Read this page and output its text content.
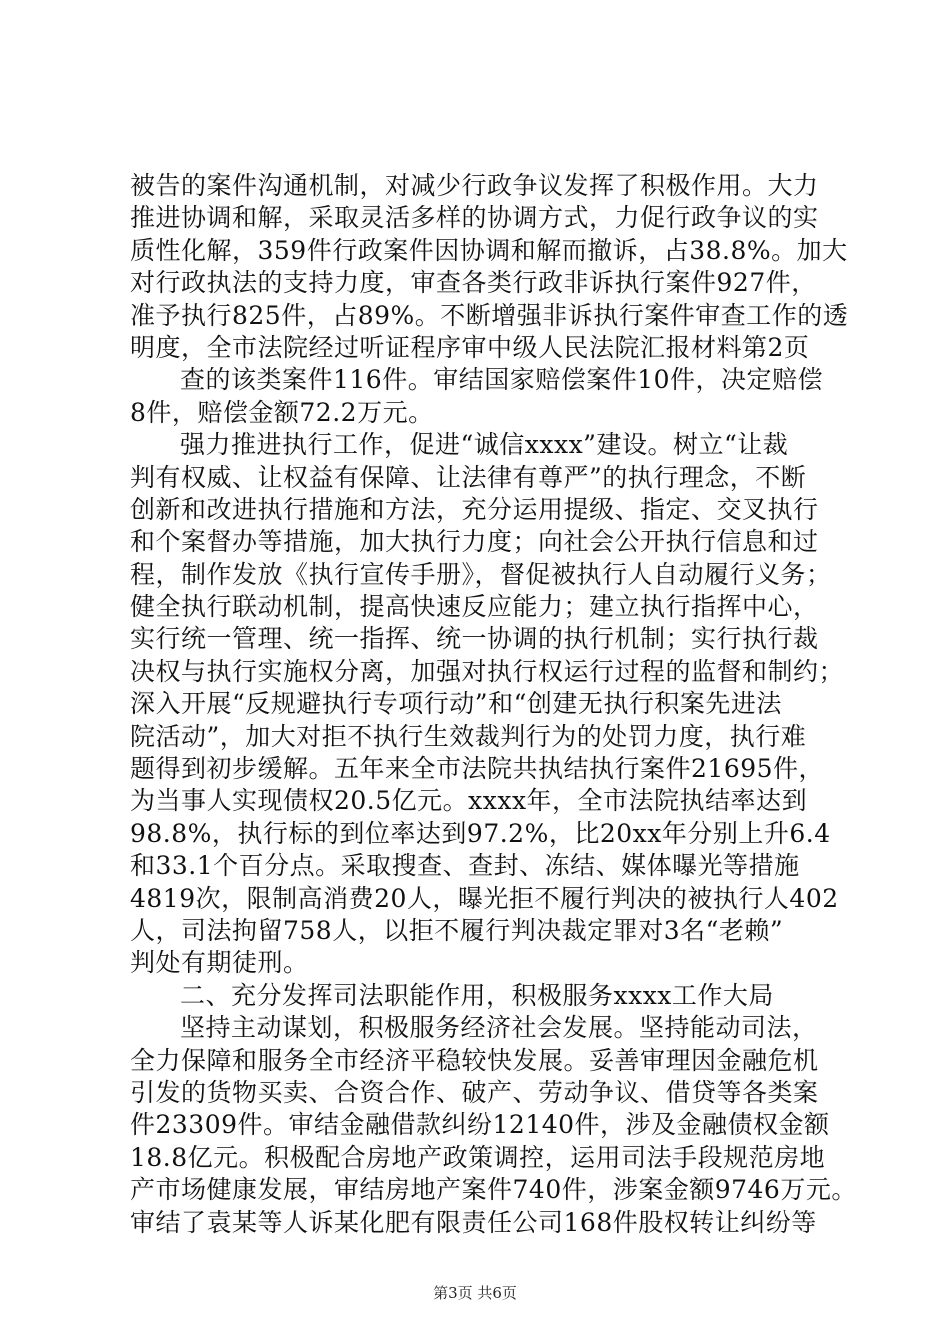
被告的案件沟通机制，对减少行政争议发挥了积极作用。大力
推进协调和解，采取灵活多样的协调方式，力促行政争议的实
质性化解，359件行政案件因协调和解而撤诉，占38.8%。加大
对行政执法的支持力度，审查各类行政非诉执行案件927件，
准予执行825件，占89%。不断增强非诉执行案件审查工作的透
明度，全市法院经过听证程序审中级人民法院汇报材料第2页
查的该类案件116件。审结国家赔偿案件10件，决定赔偿
8件，赔偿金额72.2万元。
强力推进执行工作，促进“诚信xxxx”建设。树立“让裁
判有权威、让权益有保障、让法律有尊严”的执行理念，不断
创新和改进执行措施和方法，充分运用提级、指定、交叉执行
和个案督办等措施，加大执行力度；向社会公开执行信息和过
程，制作发放《执行宣传手册》，督促被执行人自动履行义务；
健全执行联动机制，提高快速反应能力；建立执行指挥中心，
实行统一管理、统一指挥、统一协调的执行机制；实行执行裁
决权与执行实施权分离，加强对执行权运行过程的监督和制约；
深入开展“反规避执行专项行动”和“创建无执行积案先进法
院活动”，加大对拒不执行生效裁判行为的处罚力度，执行难
题得到初步缓解。五年来全市法院共执结执行案件21695件，
为当事人实现债权20.5亿元。xxxx年，全市法院执结率达到
98.8%，执行标的到位率达到97.2%，比20xx年分别上升6.4
和33.1个百分点。采取搜查、查封、冻结、媒体曝光等措施
4819次，限制高消费20人，曝光拒不履行判决的被执行人402
人，司法拘留758人，以拒不履行判决裁定罪对3名“老赖”
判处有期徒刑。
二、充分发挥司法职能作用，积极服务xxxx工作大局
坚持主动谋划，积极服务经济社会发展。坚持能动司法，
全力保障和服务全市经济平稳较快发展。妥善审理因金融危机
引发的货物买卖、合资合作、破产、劳动争议、借贷等各类案
件23309件。审结金融借款纠纷12140件，涉及金融债权金额
18.8亿元。积极配合房地产政策调控，运用司法手段规范房地
产市场健康发展，审结房地产案件740件，涉案金额9746万元。
审结了袁某等人诉某化肥有限责任公司168件股权转让纠纷等
第3页 共6页
